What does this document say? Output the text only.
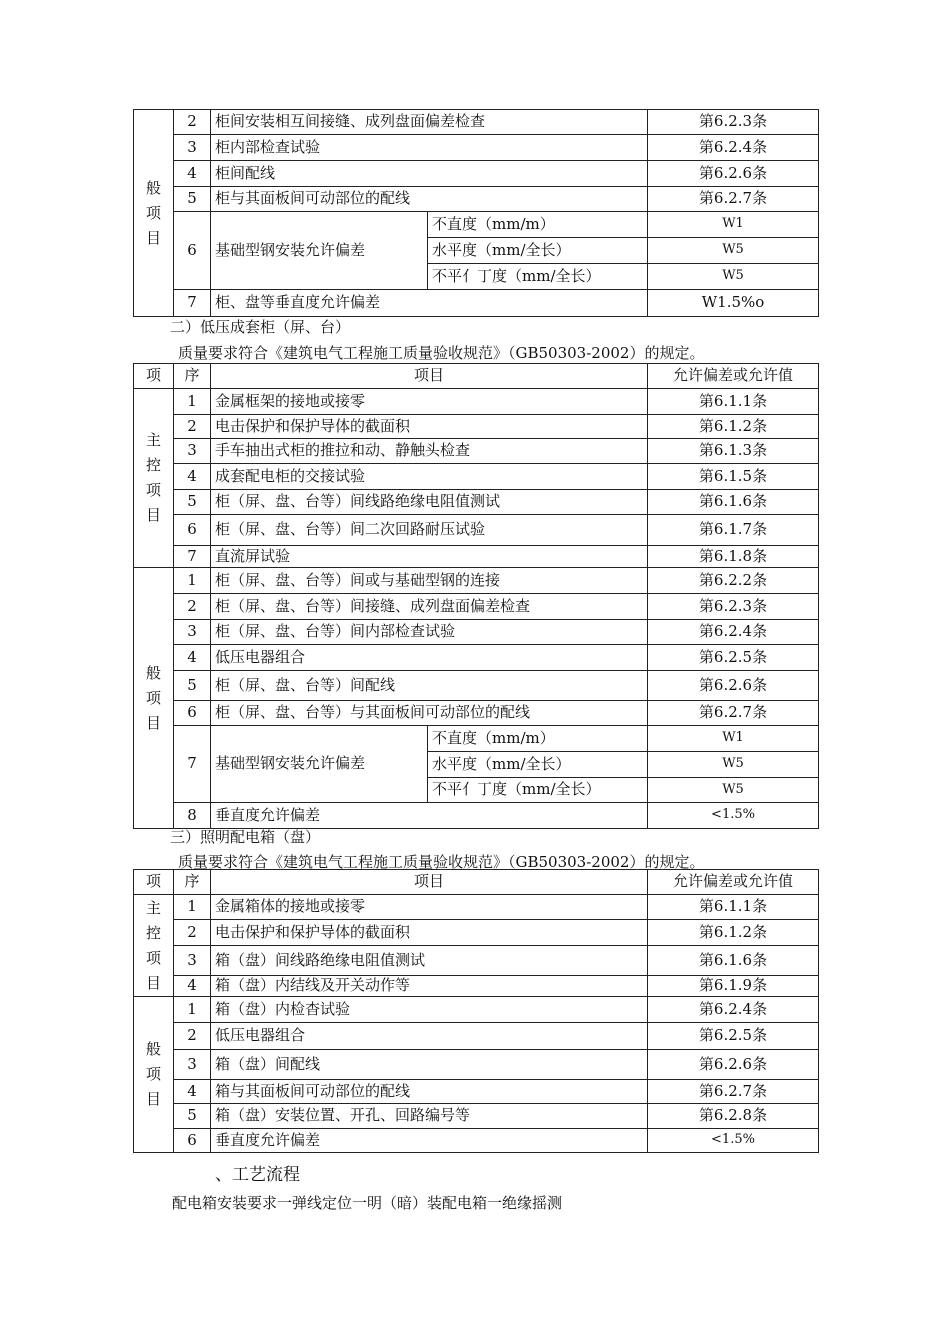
般
项
目	2	柜间安装相互间接缝、成列盘面偏差检查		第6.2.3条
	3	柜内部检查试验		第6.2.4条
	4	柜间配线		第6.2.6条
	5	柜与其面板间可动部位的配线		第6.2.7条
	6	基础型钢安装允许偏差	不直度（mm/m）	W1
			水平度（mm/全长）	W5
			不平亻丁度（mm/全长）	W5
	7	柜、盘等垂直度允许偏差		W1.5%o

二）低压成套柜（屏、台）

质量要求符合《建筑电气工程施工质量验收规范》（GB50303-2002）的规定。

项	序	项目		允许偏差或允许值
主
控
项
目	1	金属框架的接地或接零		第6.1.1条
	2	电击保护和保护导体的截面积		第6.1.2条
	3	手车抽出式柜的推拉和动、静触头检查		第6.1.3条
	4	成套配电柜的交接试验		第6.1.5条
	5	柜（屏、盘、台等）间线路绝缘电阻值测试		第6.1.6条
	6	柜（屏、盘、台等）间二次回路耐压试验		第6.1.7条
	7	直流屏试验		第6.1.8条
般
项
目	1	柜（屏、盘、台等）间或与基础型钢的连接		第6.2.2条
	2	柜（屏、盘、台等）间接缝、成列盘面偏差检查		第6.2.3条
	3	柜（屏、盘、台等）间内部检查试验		第6.2.4条
	4	低压电器组合		第6.2.5条
	5	柜（屏、盘、台等）间配线		第6.2.6条
	6	柜（屏、盘、台等）与其面板间可动部位的配线		第6.2.7条
	7	基础型钢安装允许偏差	不直度（mm/m）	W1
			水平度（mm/全长）	W5
			不平亻丁度（mm/全长）	W5
	8	垂直度允许偏差		<1.5%

三）照明配电箱（盘）

质量要求符合《建筑电气工程施工质量验收规范》（GB50303-2002）的规定。

项	序	项目	允许偏差或允许值
主
控
项
目	1	金属箱体的接地或接零	第6.1.1条
	2	电击保护和保护导体的截面积	第6.1.2条
	3	箱（盘）间线路绝缘电阻值测试	第6.1.6条
	4	箱（盘）内结线及开关动作等	第6.1.9条
般
项
目	1	箱（盘）内检杳试验	第6.2.4条
	2	低压电器组合	第6.2.5条
	3	箱（盘）间配线	第6.2.6条
	4	箱与其面板间可动部位的配线	第6.2.7条
	5	箱（盘）安装位置、开孔、回路编号等	第6.2.8条
	6	垂直度允许偏差	<1.5%

、工艺流程

配电箱安装要求一弹线定位一明（暗）装配电箱一绝缘摇测
